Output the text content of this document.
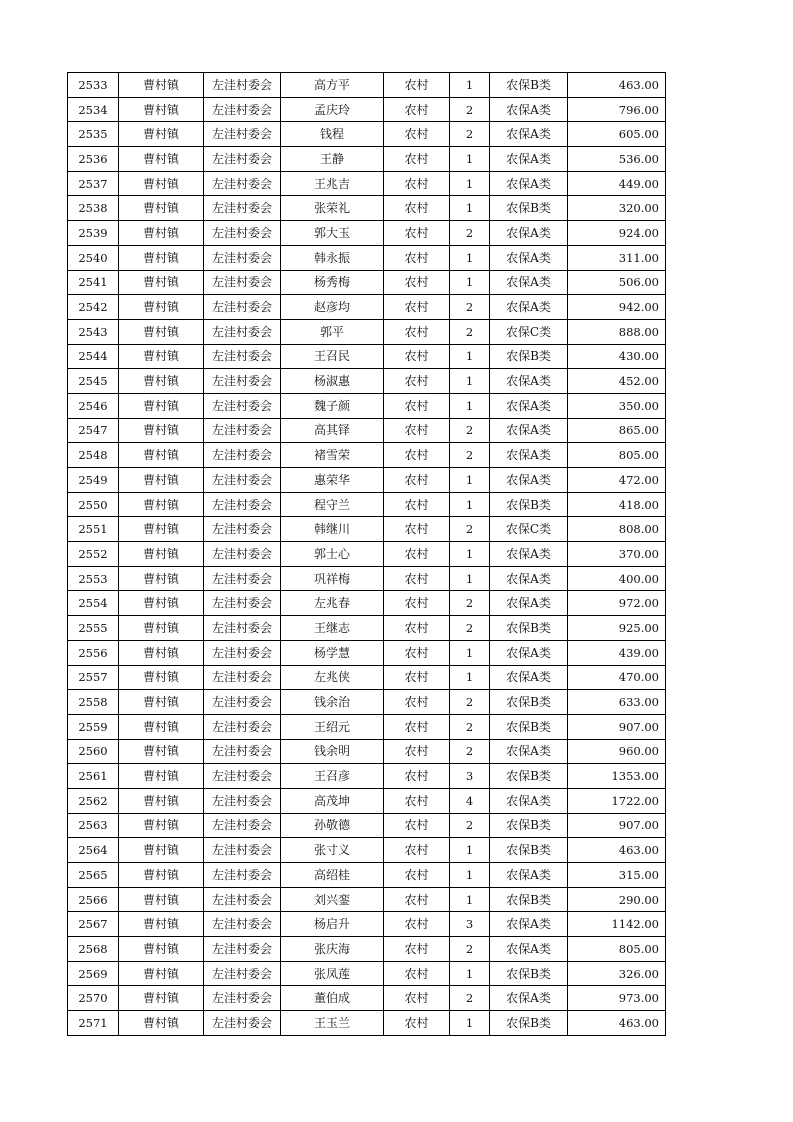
2533	曹村镇	左洼村委会	高方平	农村	1	农保B类	463.00
2534	曹村镇	左洼村委会	孟庆玲	农村	2	农保A类	796.00
2535	曹村镇	左洼村委会	钱程	农村	2	农保A类	605.00
2536	曹村镇	左洼村委会	王静	农村	1	农保A类	536.00
2537	曹村镇	左洼村委会	王兆吉	农村	1	农保A类	449.00
2538	曹村镇	左洼村委会	张荣礼	农村	1	农保B类	320.00
2539	曹村镇	左洼村委会	郭大玉	农村	2	农保A类	924.00
2540	曹村镇	左洼村委会	韩永振	农村	1	农保A类	311.00
2541	曹村镇	左洼村委会	杨秀梅	农村	1	农保A类	506.00
2542	曹村镇	左洼村委会	赵彦均	农村	2	农保A类	942.00
2543	曹村镇	左洼村委会	郭平	农村	2	农保C类	888.00
2544	曹村镇	左洼村委会	王召民	农村	1	农保B类	430.00
2545	曹村镇	左洼村委会	杨淑惠	农村	1	农保A类	452.00
2546	曹村镇	左洼村委会	魏子颜	农村	1	农保A类	350.00
2547	曹村镇	左洼村委会	高其铎	农村	2	农保A类	865.00
2548	曹村镇	左洼村委会	褚雪荣	农村	2	农保A类	805.00
2549	曹村镇	左洼村委会	惠荣华	农村	1	农保A类	472.00
2550	曹村镇	左洼村委会	程守兰	农村	1	农保B类	418.00
2551	曹村镇	左洼村委会	韩继川	农村	2	农保C类	808.00
2552	曹村镇	左洼村委会	郭士心	农村	1	农保A类	370.00
2553	曹村镇	左洼村委会	巩祥梅	农村	1	农保A类	400.00
2554	曹村镇	左洼村委会	左兆春	农村	2	农保A类	972.00
2555	曹村镇	左洼村委会	王继志	农村	2	农保B类	925.00
2556	曹村镇	左洼村委会	杨学慧	农村	1	农保A类	439.00
2557	曹村镇	左洼村委会	左兆侠	农村	1	农保A类	470.00
2558	曹村镇	左洼村委会	钱余治	农村	2	农保B类	633.00
2559	曹村镇	左洼村委会	王绍元	农村	2	农保B类	907.00
2560	曹村镇	左洼村委会	钱余明	农村	2	农保A类	960.00
2561	曹村镇	左洼村委会	王召彦	农村	3	农保B类	1353.00
2562	曹村镇	左洼村委会	高茂坤	农村	4	农保A类	1722.00
2563	曹村镇	左洼村委会	孙敬德	农村	2	农保B类	907.00
2564	曹村镇	左洼村委会	张寸义	农村	1	农保B类	463.00
2565	曹村镇	左洼村委会	高绍桂	农村	1	农保A类	315.00
2566	曹村镇	左洼村委会	刘兴銮	农村	1	农保B类	290.00
2567	曹村镇	左洼村委会	杨启升	农村	3	农保A类	1142.00
2568	曹村镇	左洼村委会	张庆海	农村	2	农保A类	805.00
2569	曹村镇	左洼村委会	张凤莲	农村	1	农保B类	326.00
2570	曹村镇	左洼村委会	董伯成	农村	2	农保A类	973.00
2571	曹村镇	左洼村委会	王玉兰	农村	1	农保B类	463.00
